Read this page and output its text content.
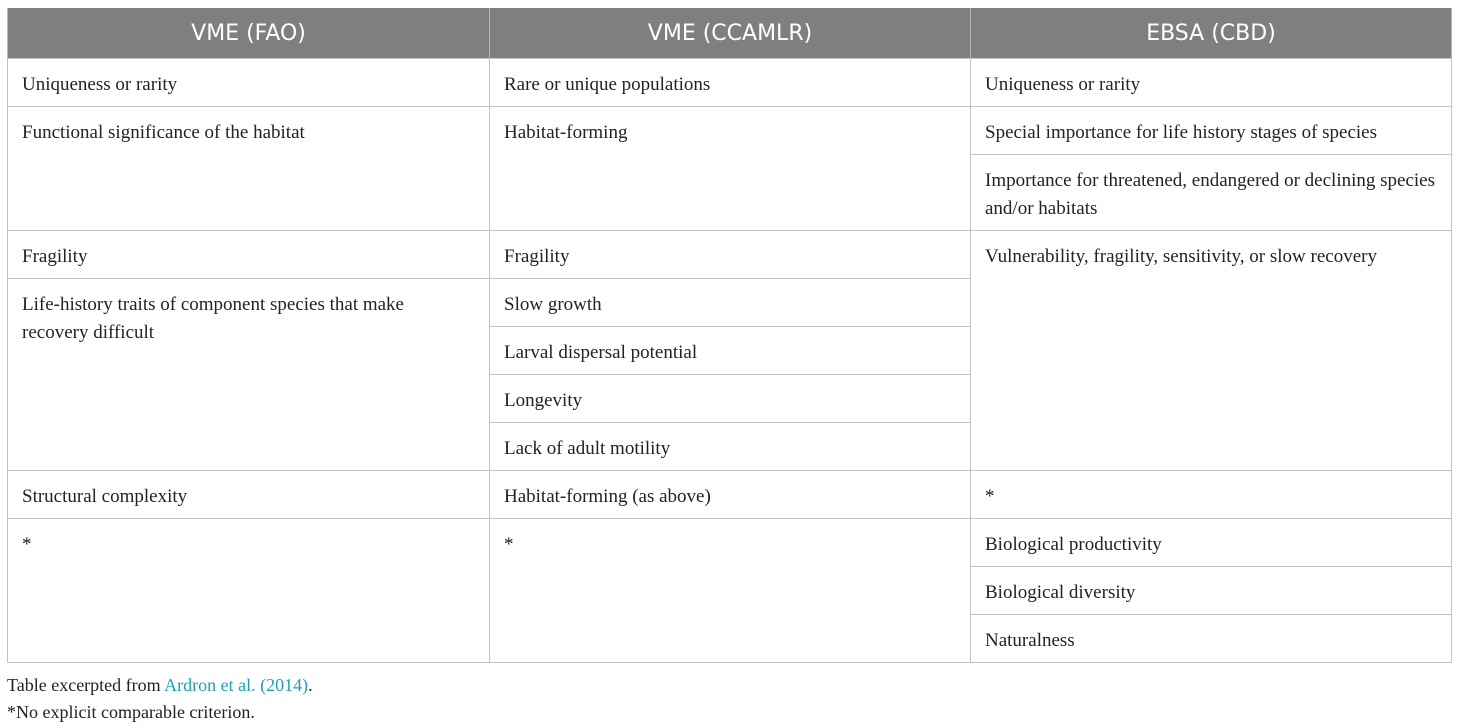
VME (FAO)	VME (CCAMLR)	EBSA (CBD)
Uniqueness or rarity	Rare or unique populations	Uniqueness or rarity
Functional significance of the habitat	Habitat-forming	Special importance for life history stages of species
		Importance for threatened, endangered or declining species and/or habitats
Fragility	Fragility	Vulnerability, fragility, sensitivity, or slow recovery
Life-history traits of component species that make recovery difficult	Slow growth	
	Larval dispersal potential	
	Longevity	
	Lack of adult motility	
Structural complexity	Habitat-forming (as above)	*
*	*	Biological productivity
		Biological diversity
		Naturalness
Table excerpted from Ardron et al. (2014).
*No explicit comparable criterion.
